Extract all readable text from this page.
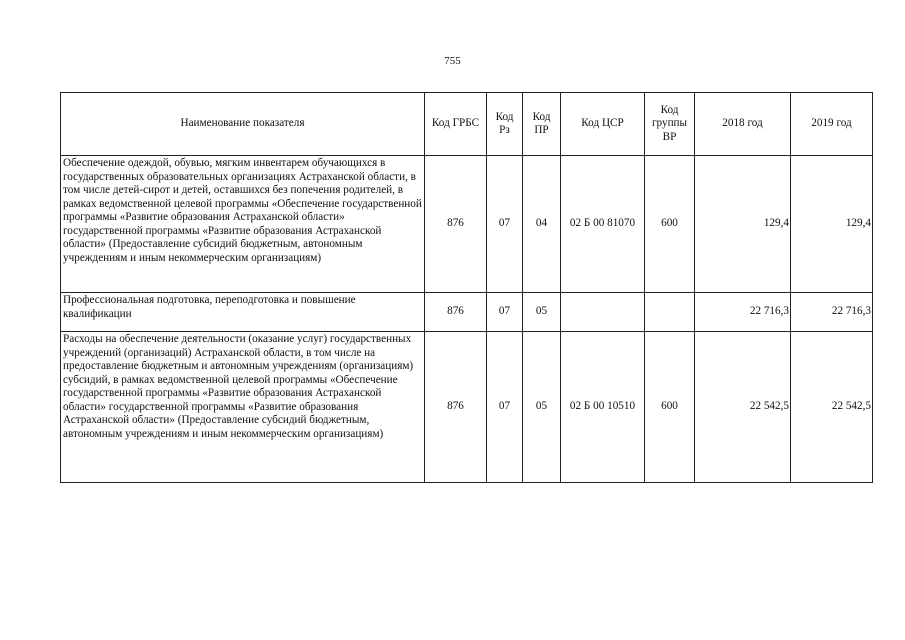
755
Наименование показателя	Код ГРБС	Код Рз	Код ПР	Код ЦСР	Код группы ВР	2018 год	2019 год
Обеспечение одеждой, обувью, мягким инвентарем обучающихся в государственных образовательных организациях Астраханской области, в том числе детей-сирот и детей, оставшихся без попечения родителей, в рамках ведомственной целевой программы «Обеспечение государственной программы «Развитие образования Астраханской области» государственной программы «Развитие образования Астраханской области» (Предоставление субсидий бюджетным, автономным учреждениям и иным некоммерческим организациям)	876	07	04	02 Б 00 81070	600	129,4	129,4
Профессиональная подготовка, переподготовка и повышение квалификации	876	07	05			22 716,3	22 716,3
Расходы на обеспечение деятельности (оказание услуг) государственных учреждений (организаций) Астраханской области, в том числе на предоставление бюджетным и автономным учреждениям (организациям) субсидий, в рамках ведомственной целевой программы «Обеспечение государственной программы «Развитие образования Астраханской области» государственной программы «Развитие образования Астраханской области» (Предоставление субсидий бюджетным, автономным учреждениям и иным некоммерческим организациям)	876	07	05	02 Б 00 10510	600	22 542,5	22 542,5
